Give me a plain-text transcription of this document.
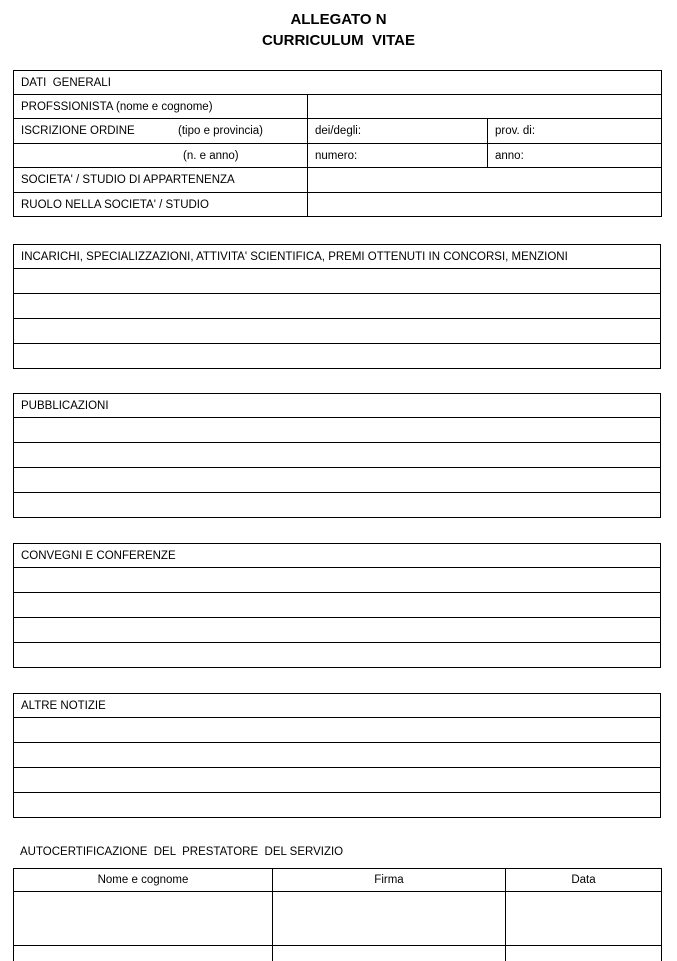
ALLEGATO N
CURRICULUM  VITAE
DATI  GENERALI		
PROFSSIONISTA (nome e cognome)		
ISCRIZIONE ORDINE (tipo e provincia)	dei/degli:	prov. di:

(n. e anno)	numero:	anno:
SOCIETA' / STUDIO DI APPARTENENZA		
RUOLO NELLA SOCIETA' / STUDIO		
INCARICHI, SPECIALIZZAZIONI, ATTIVITA' SCIENTIFICA, PREMI OTTENUTI IN CONCORSI, MENZIONI

PUBBLICAZIONI

CONVEGNI E CONFERENZE

ALTRE NOTIZIE

AUTOCERTIFICAZIONE  DEL  PRESTATORE  DEL SERVIZIO
Nome e cognome	Firma	Data
